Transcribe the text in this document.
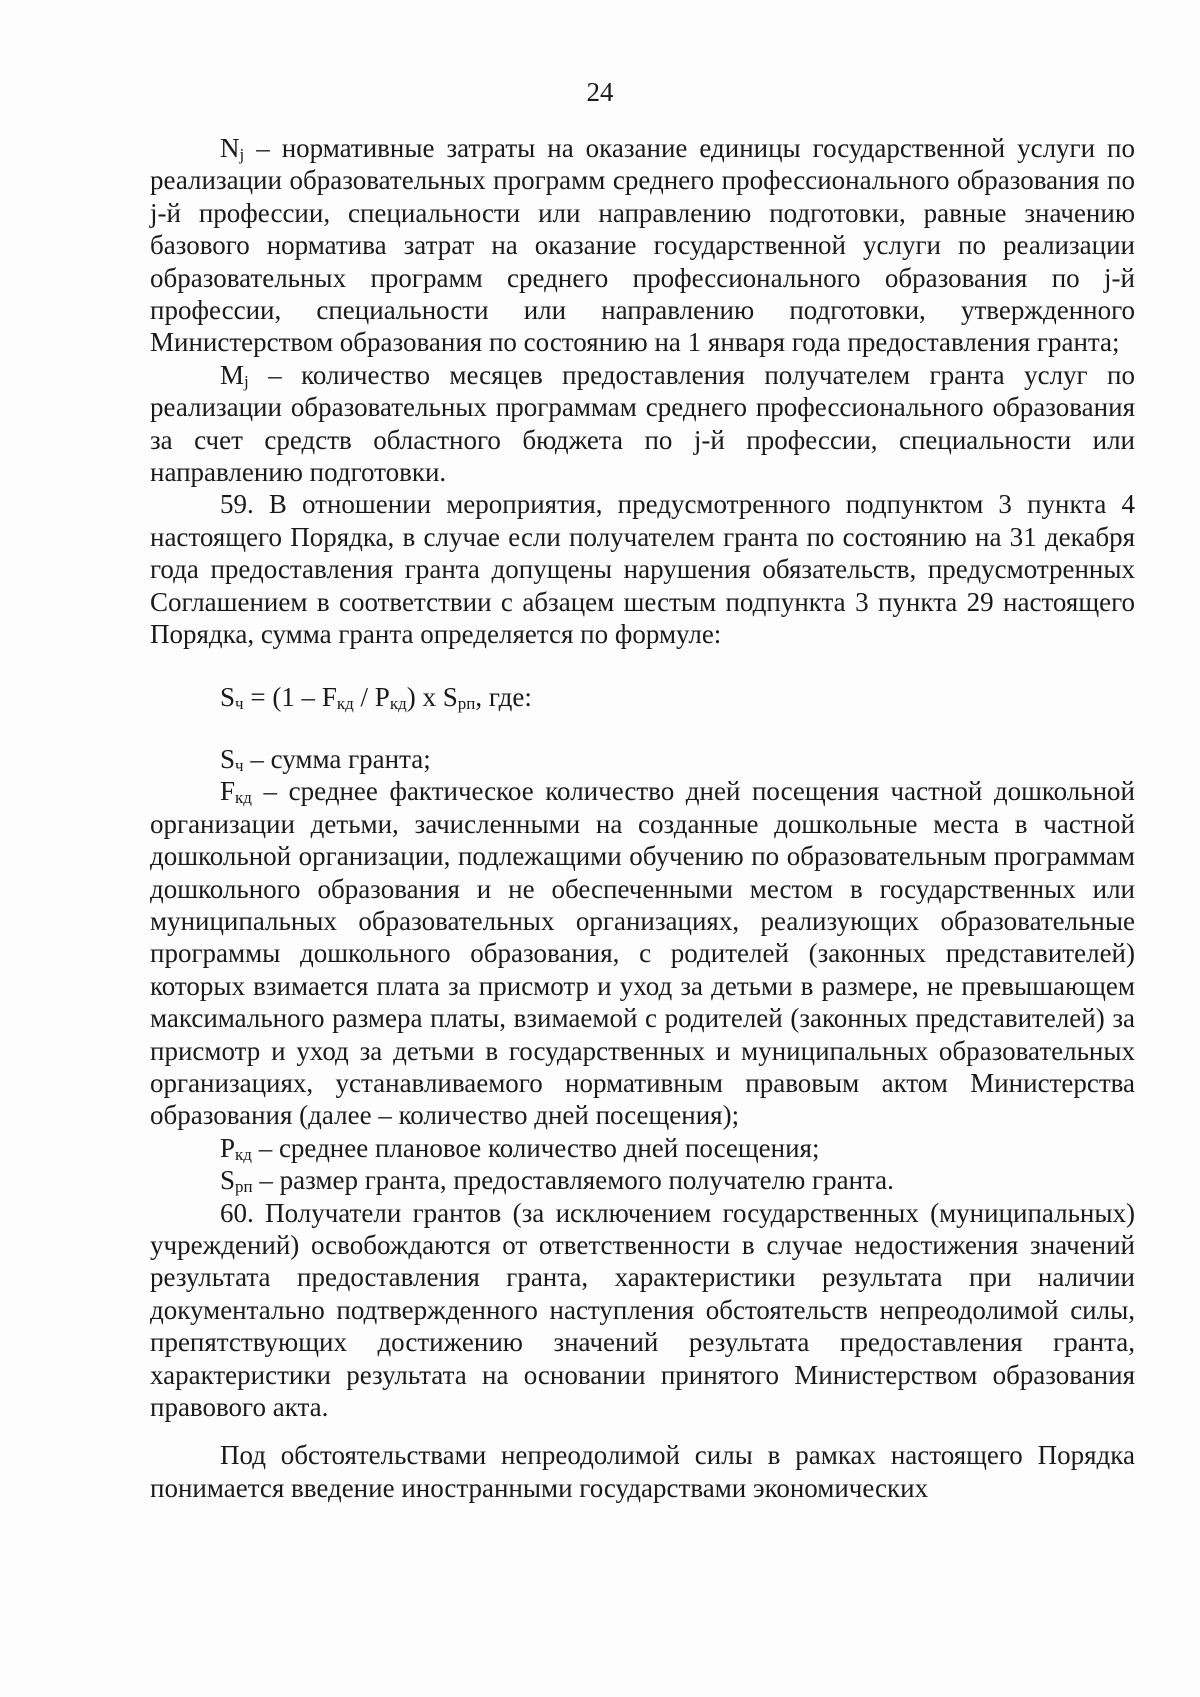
24

$N_j$ – нормативные затраты на оказание единицы государственной услуги по реализации образовательных программ среднего профессионального образования по j-й профессии, специальности или направлению подготовки, равные значению базового норматива затрат на оказание государственной услуги по реализации образовательных программ среднего профессионального образования по j-й профессии, специальности или направлению подготовки, утвержденного Министерством образования по состоянию на 1 января года предоставления гранта;

$M_j$ – количество месяцев предоставления получателем гранта услуг по реализации образовательных программам среднего профессионального образования за счет средств областного бюджета по j-й профессии, специальности или направлению подготовки.

59. В отношении мероприятия, предусмотренного подпунктом 3 пункта 4 настоящего Порядка, в случае если получателем гранта по состоянию на 31 декабря года предоставления гранта допущены нарушения обязательств, предусмотренных Соглашением в соответствии с абзацем шестым подпункта 3 пункта 29 настоящего Порядка, сумма гранта определяется по формуле:

$S_ч = (1 - F_{кд} / P_{кд})$ x $S_{рп}$, где:

$S_ч$ – сумма гранта;

$F_{кд}$ – среднее фактическое количество дней посещения частной дошкольной организации детьми, зачисленными на созданные дошкольные места в частной дошкольной организации, подлежащими обучению по образовательным программам дошкольного образования и не обеспеченными местом в государственных или муниципальных образовательных организациях, реализующих образовательные программы дошкольного образования, с родителей (законных представителей) которых взимается плата за присмотр и уход за детьми в размере, не превышающем максимального размера платы, взимаемой с родителей (законных представителей) за присмотр и уход за детьми в государственных и муниципальных образовательных организациях, устанавливаемого нормативным правовым актом Министерства образования (далее – количество дней посещения);

$P_{кд}$ – среднее плановое количество дней посещения;

$S_{рп}$ – размер гранта, предоставляемого получателю гранта.

60. Получатели грантов (за исключением государственных (муниципальных) учреждений) освобождаются от ответственности в случае недостижения значений результата предоставления гранта, характеристики результата при наличии документально подтвержденного наступления обстоятельств непреодолимой силы, препятствующих достижению значений результата предоставления гранта, характеристики результата на основании принятого Министерством образования правового акта.

Под обстоятельствами непреодолимой силы в рамках настоящего Порядка понимается введение иностранными государствами экономических
